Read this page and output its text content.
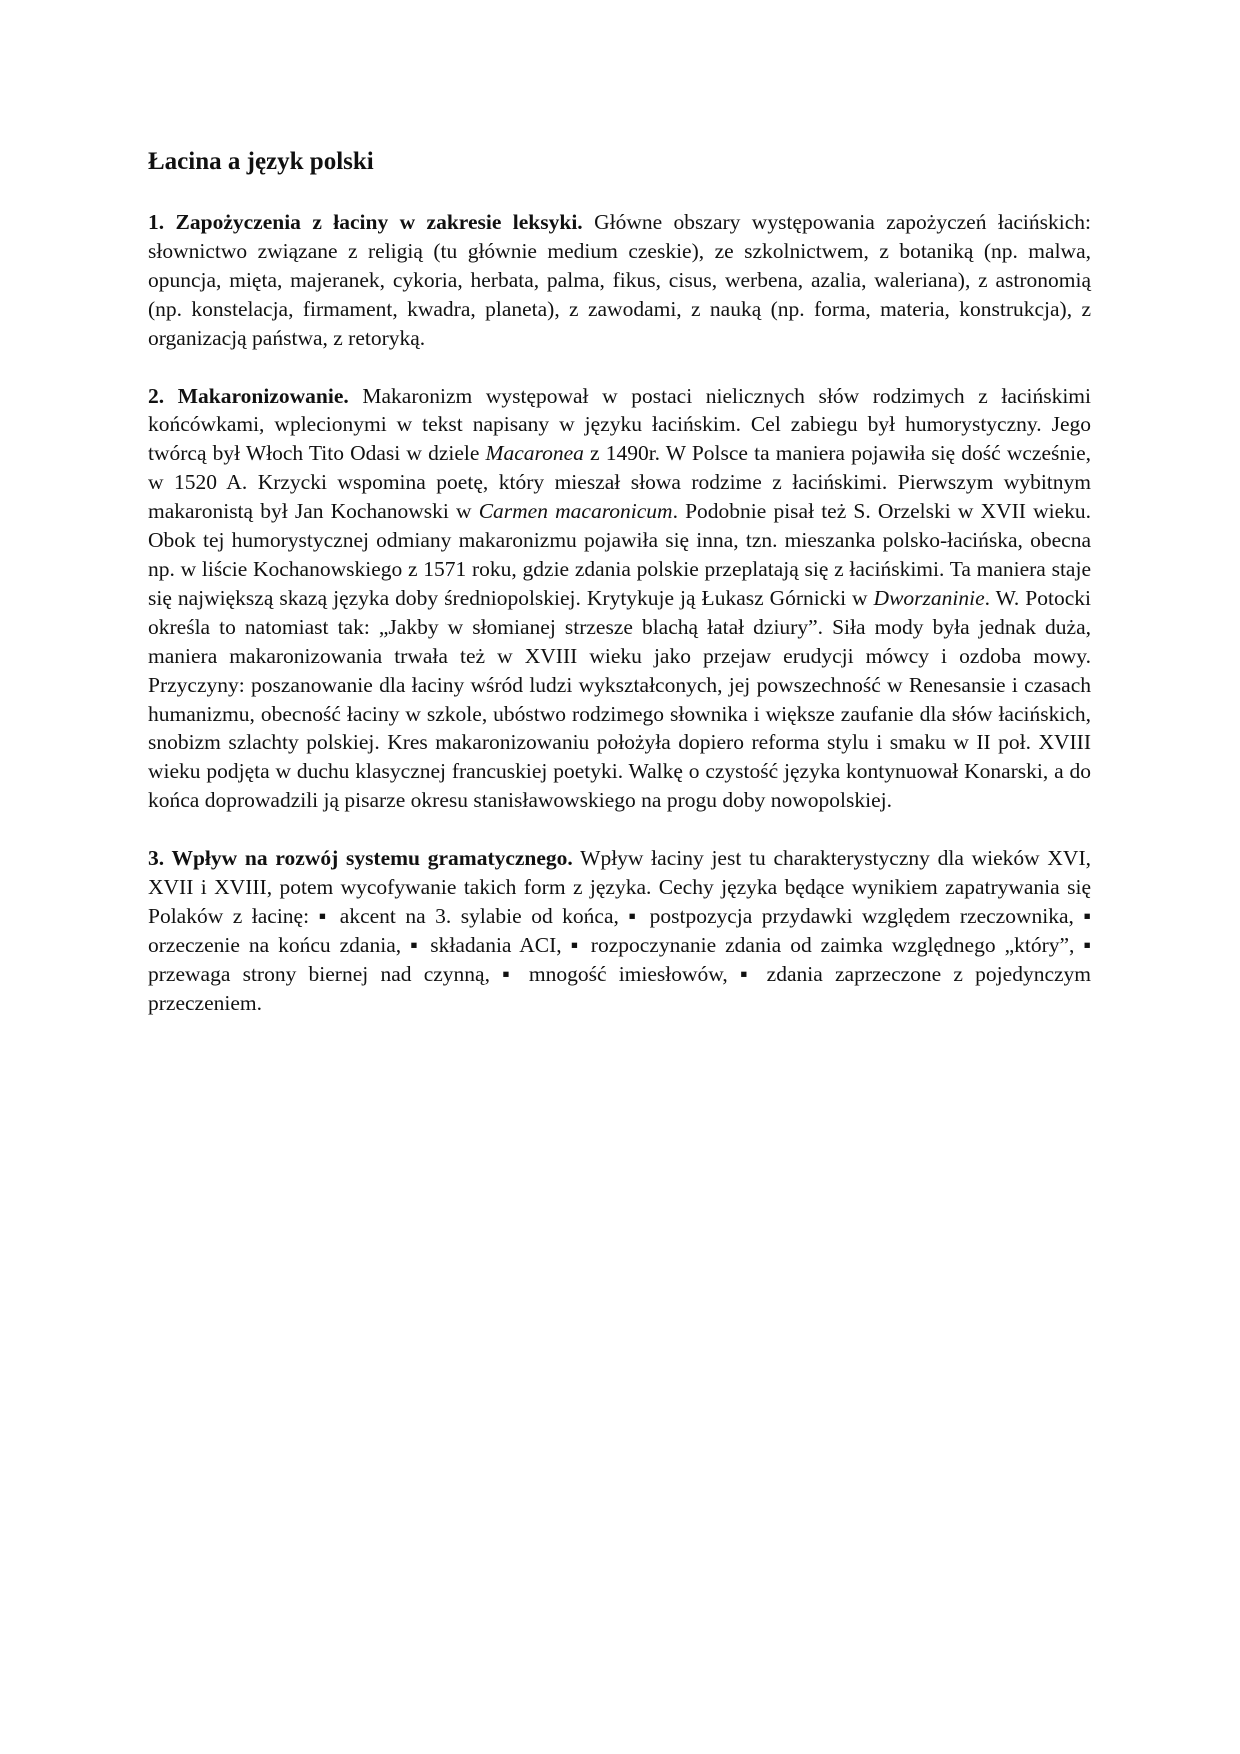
Łacina a język polski

1. Zapożyczenia z łaciny w zakresie leksyki. Główne obszary występowania zapożyczeń łacińskich: słownictwo związane z religią (tu głównie medium czeskie), ze szkolnictwem, z botaniką (np. malwa, opuncja, mięta, majeranek, cykoria, herbata, palma, fikus, cisus, werbena, azalia, waleriana), z astronomią (np. konstelacja, firmament, kwadra, planeta), z zawodami, z nauką (np. forma, materia, konstrukcja), z organizacją państwa, z retoryką.

2. Makaronizowanie. Makaronizm występował w postaci nielicznych słów rodzimych z łacińskimi końcówkami, wplecionymi w tekst napisany w języku łacińskim. Cel zabiegu był humorystyczny. Jego twórcą był Włoch Tito Odasi w dziele Macaronea z 1490r. W Polsce ta maniera pojawiła się dość wcześnie, w 1520 A. Krzycki wspomina poetę, który mieszał słowa rodzime z łacińskimi. Pierwszym wybitnym makaronistą był Jan Kochanowski w Carmen macaronicum. Podobnie pisał też S. Orzelski w XVII wieku. Obok tej humorystycznej odmiany makaronizmu pojawiła się inna, tzn. mieszanka polsko-łacińska, obecna np. w liście Kochanowskiego z 1571 roku, gdzie zdania polskie przeplatają się z łacińskimi. Ta maniera staje się największą skazą języka doby średniopolskiej. Krytykuje ją Łukasz Górnicki w Dworzaninie. W. Potocki określa to natomiast tak: „Jakby w słomianej strzesze blachą łatał dziury”. Siła mody była jednak duża, maniera makaronizowania trwała też w XVIII wieku jako przejaw erudycji mówcy i ozdoba mowy. Przyczyny: poszanowanie dla łaciny wśród ludzi wykształconych, jej powszechność w Renesansie i czasach humanizmu, obecność łaciny w szkole, ubóstwo rodzimego słownika i większe zaufanie dla słów łacińskich, snobizm szlachty polskiej. Kres makaronizowaniu położyła dopiero reforma stylu i smaku w II poł. XVIII wieku podjęta w duchu klasycznej francuskiej poetyki. Walkę o czystość języka kontynuował Konarski, a do końca doprowadzili ją pisarze okresu stanisławowskiego na progu doby nowopolskiej.

3. Wpływ na rozwój systemu gramatycznego. Wpływ łaciny jest tu charakterystyczny dla wieków XVI, XVII i XVIII, potem wycofywanie takich form z języka. Cechy języka będące wynikiem zapatrywania się Polaków z łacinę: ▪ akcent na 3. sylabie od końca, ▪ postpozycja przydawki względem rzeczownika, ▪ orzeczenie na końcu zdania, ▪ składania ACI, ▪ rozpoczynanie zdania od zaimka względnego „który”, ▪ przewaga strony biernej nad czynną, ▪ mnogość imiesłowów, ▪ zdania zaprzeczone z pojedynczym przeczeniem.
